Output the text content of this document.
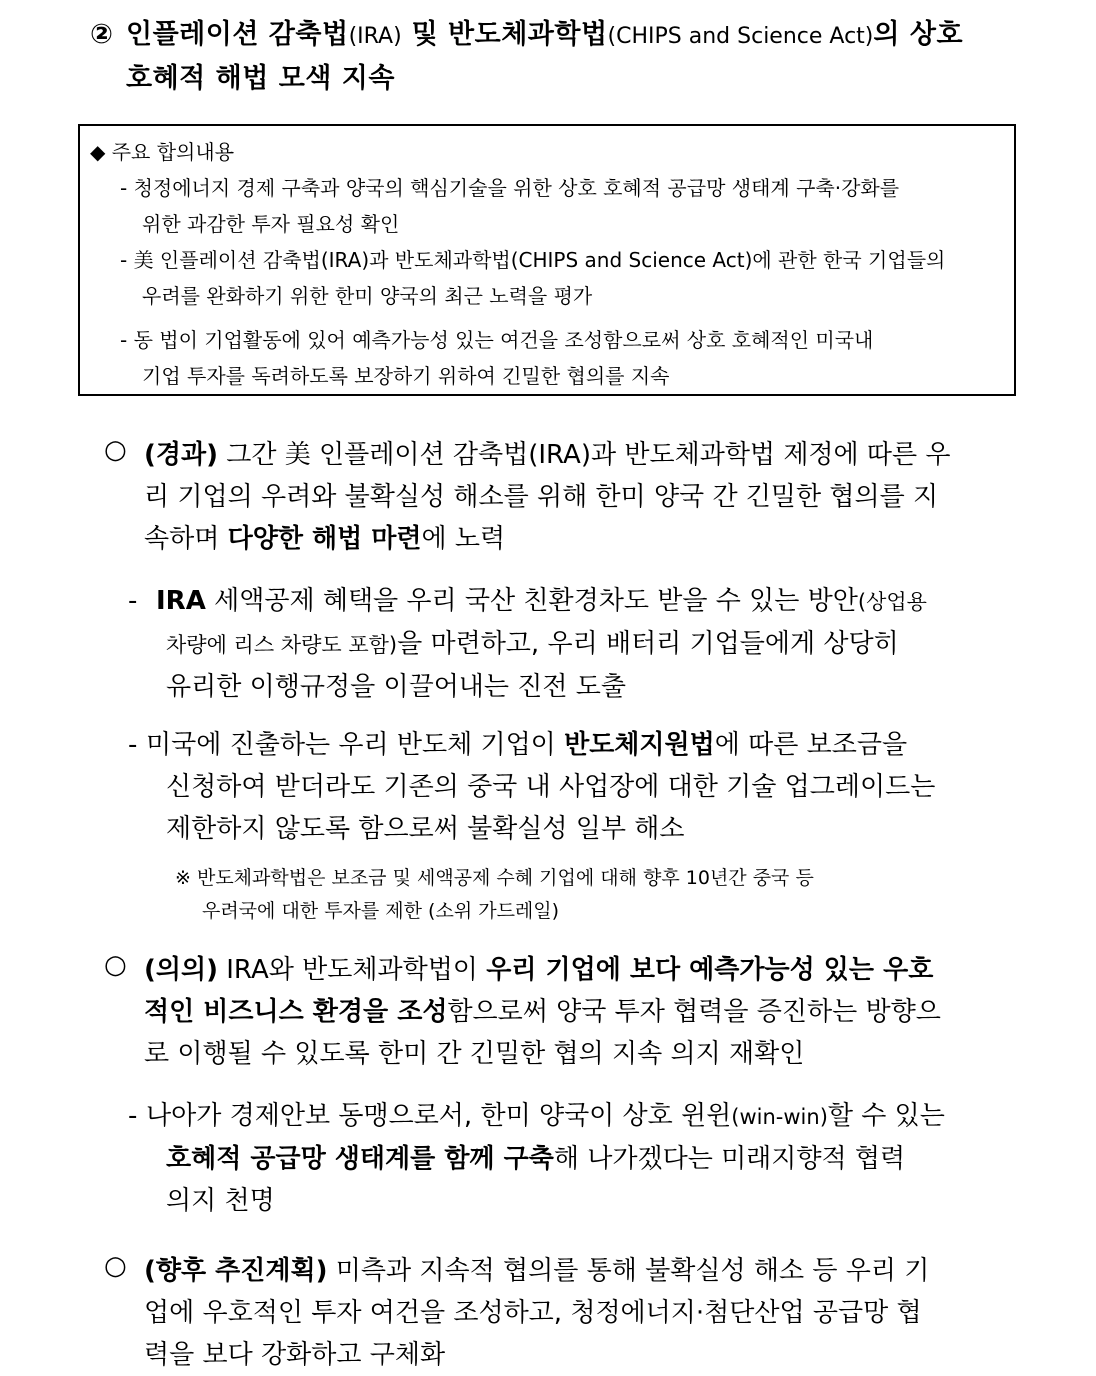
② 인플레이션 감축법(IRA) 및 반도체과학법(CHIPS and Science Act)의 상호
호혜적 해법 모색 지속
◆ 주요 합의내용
- 청정에너지 경제 구축과 양국의 핵심기술을 위한 상호 호혜적 공급망 생태계 구축·강화를
위한 과감한 투자 필요성 확인
- 美 인플레이션 감축법(IRA)과 반도체과학법(CHIPS and Science Act)에 관한 한국 기업들의
우려를 완화하기 위한 한미 양국의 최근 노력을 평가
- 동 법이 기업활동에 있어 예측가능성 있는 여건을 조성함으로써 상호 호혜적인 미국내
기업 투자를 독려하도록 보장하기 위하여 긴밀한 협의를 지속
○ (경과) 그간 美 인플레이션 감축법(IRA)과 반도체과학법 제정에 따른 우
리 기업의 우려와 불확실성 해소를 위해 한미 양국 간 긴밀한 협의를 지
속하며 다양한 해법 마련에 노력
- IRA 세액공제 혜택을 우리 국산 친환경차도 받을 수 있는 방안(상업용
차량에 리스 차량도 포함)을 마련하고, 우리 배터리 기업들에게 상당히
유리한 이행규정을 이끌어내는 진전 도출
- 미국에 진출하는 우리 반도체 기업이 반도체지원법에 따른 보조금을
신청하여 받더라도 기존의 중국 내 사업장에 대한 기술 업그레이드는
제한하지 않도록 함으로써 불확실성 일부 해소
※ 반도체과학법은 보조금 및 세액공제 수혜 기업에 대해 향후 10년간 중국 등
우려국에 대한 투자를 제한 (소위 가드레일)
○ (의의) IRA와 반도체과학법이 우리 기업에 보다 예측가능성 있는 우호
적인 비즈니스 환경을 조성함으로써 양국 투자 협력을 증진하는 방향으
로 이행될 수 있도록 한미 간 긴밀한 협의 지속 의지 재확인
- 나아가 경제안보 동맹으로서, 한미 양국이 상호 윈윈(win-win)할 수 있는
호혜적 공급망 생태계를 함께 구축해 나가겠다는 미래지향적 협력
의지 천명
○ (향후 추진계획) 미측과 지속적 협의를 통해 불확실성 해소 등 우리 기
업에 우호적인 투자 여건을 조성하고, 청정에너지·첨단산업 공급망 협
력을 보다 강화하고 구체화
